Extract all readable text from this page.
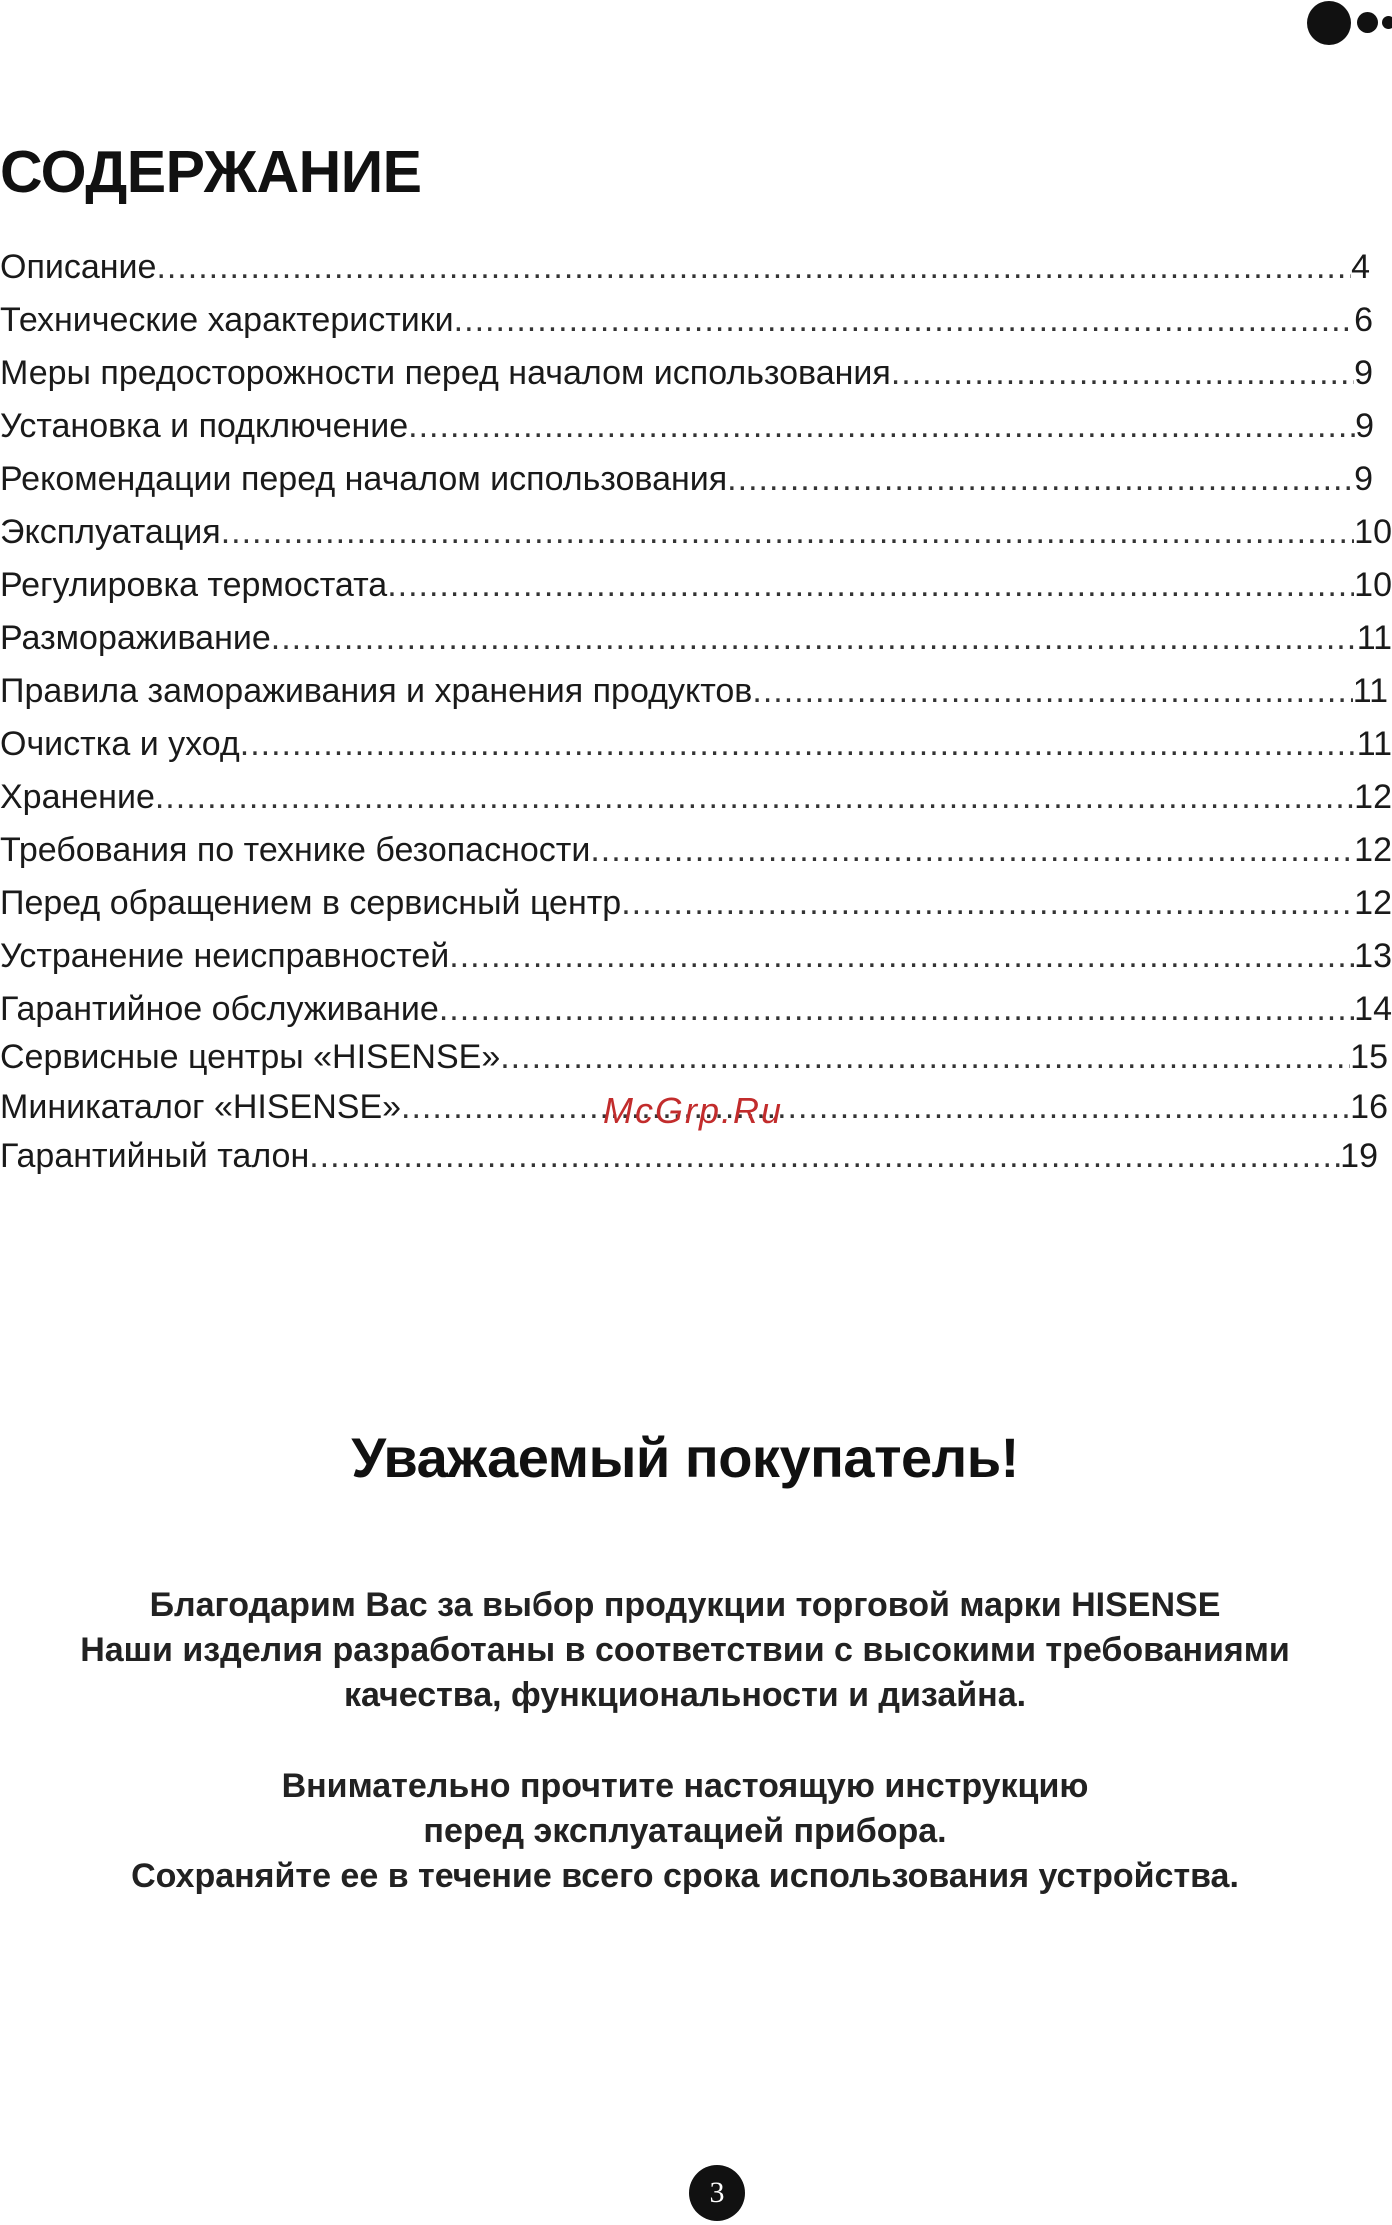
СОДЕРЖАНИЕ
Описание .....	4
Технические характеристики .....	6
Меры предосторожности перед началом использования .....	9
Установка и подключение .....	9
Рекомендации перед началом использования .....	9
Эксплуатация .....	10
Регулировка термостата .....	10
Размораживание .....	11
Правила замораживания и хранения продуктов .....	11
Очистка и уход .....	11
Хранение .....	12
Требования по технике безопасности .....	12
Перед обращением в сервисный центр .....	12
Устранение неисправностей .....	13
Гарантийное обслуживание .....	14
Сервисные центры «HISENSE» .....	15
Миникаталог «HISENSE» .....	16
Гарантийный талон .....	19
McGrp.Ru
Уважаемый покупатель!

Благодарим Вас за выбор продукции торговой марки HISENSE

Наши изделия разработаны в соответствии с высокими требованиями

качества, функциональности и дизайна.

Внимательно прочтите настоящую инструкцию

перед эксплуатацией прибора.

Сохраняйте ее в течение всего срока использования устройства.

3
